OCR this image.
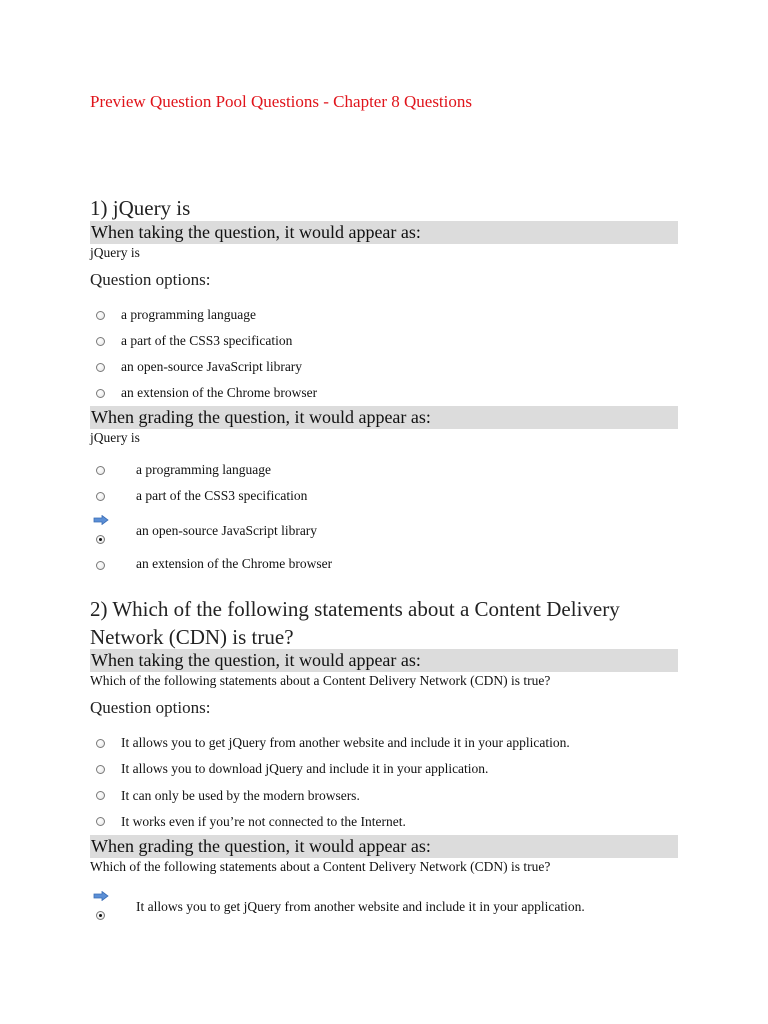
Preview Question Pool Questions - Chapter 8 Questions
1) jQuery is
When taking the question, it would appear as:
jQuery is
Question options:
a programming language
a part of the CSS3 specification
an open-source JavaScript library
an extension of the Chrome browser
When grading the question, it would appear as:
jQuery is
a programming language
a part of the CSS3 specification
an open-source JavaScript library
an extension of the Chrome browser
2) Which of the following statements about a Content Delivery Network (CDN) is true?
When taking the question, it would appear as:
Which of the following statements about a Content Delivery Network (CDN) is true?
Question options:
It allows you to get jQuery from another website and include it in your application.
It allows you to download jQuery and include it in your application.
It can only be used by the modern browsers.
It works even if you’re not connected to the Internet.
When grading the question, it would appear as:
Which of the following statements about a Content Delivery Network (CDN) is true?
It allows you to get jQuery from another website and include it in your application.
